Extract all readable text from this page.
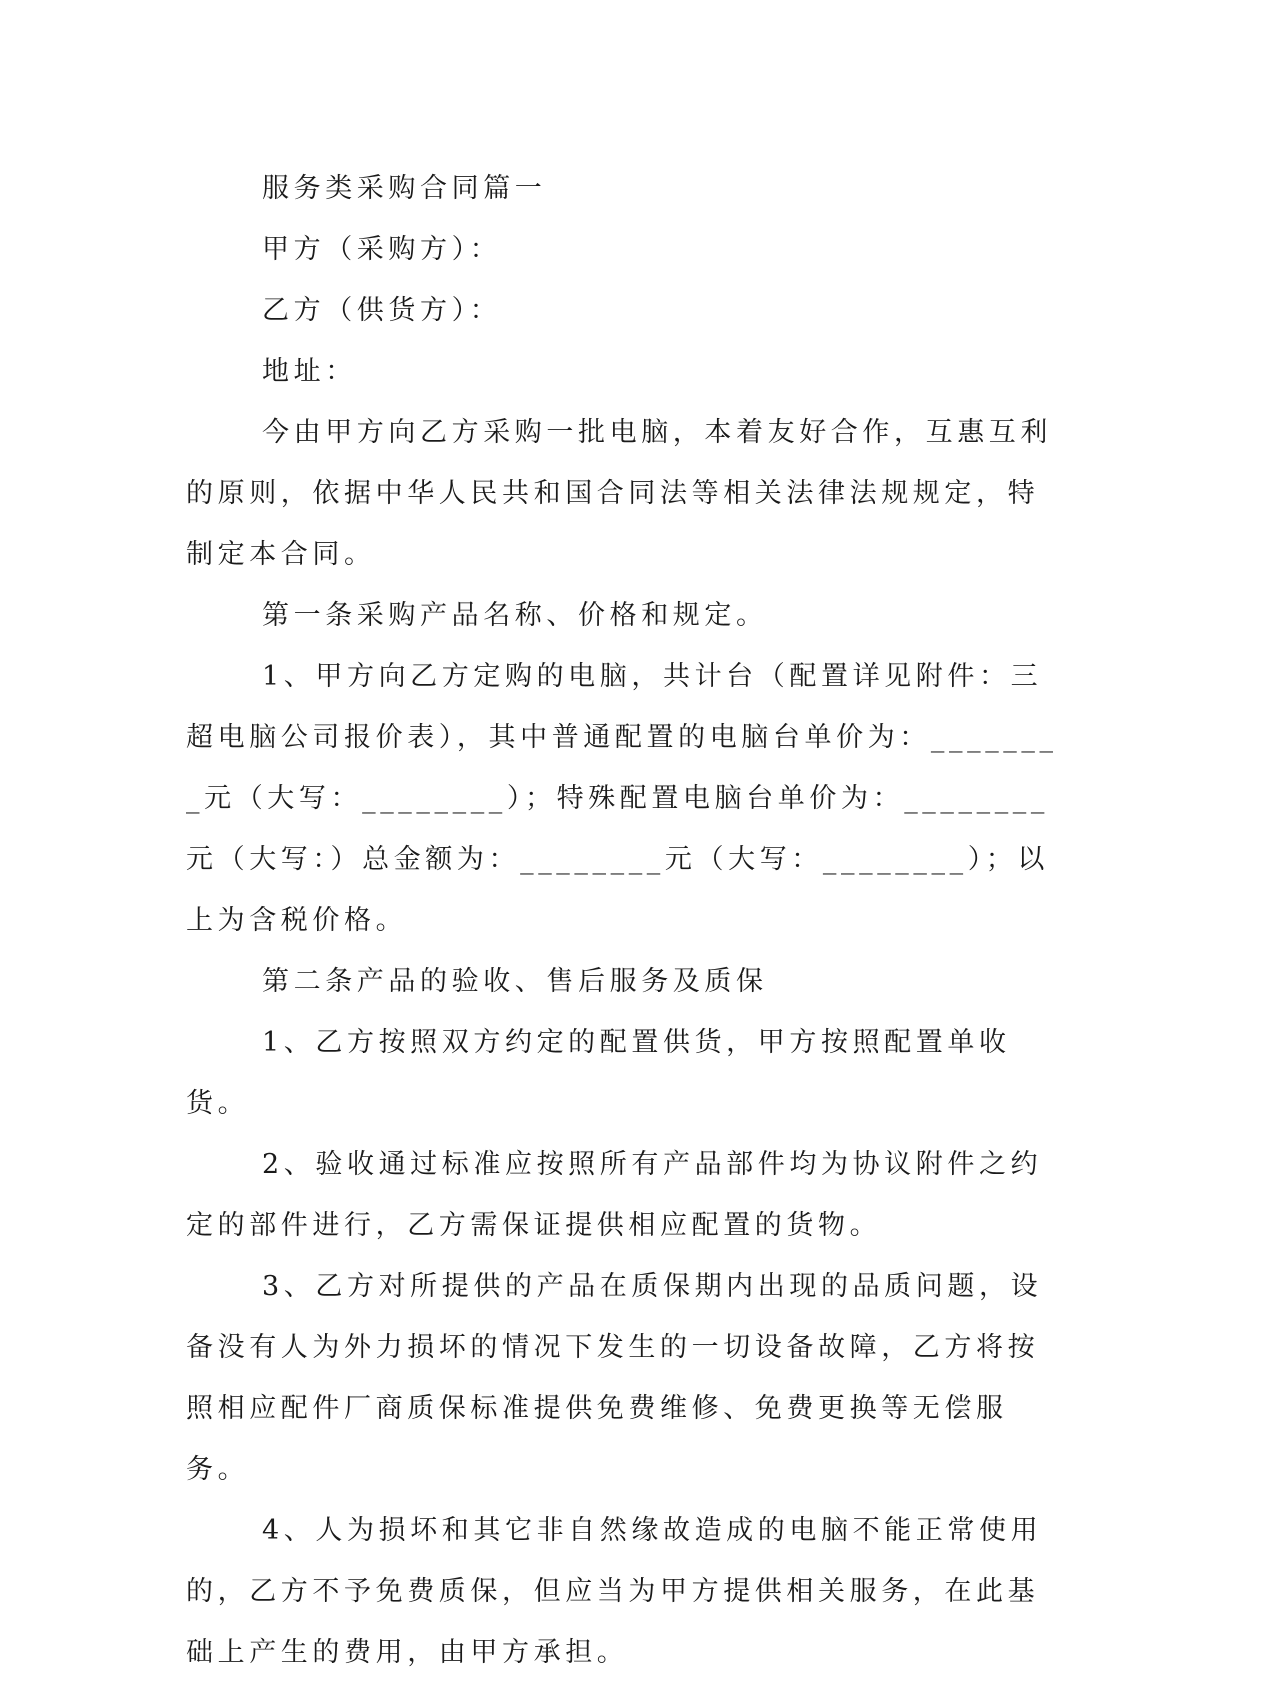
服务类采购合同篇一

甲方（采购方）：

乙方（供货方）：

地址：

今由甲方向乙方采购一批电脑，本着友好合作，互惠互利的原则，依据中华人民共和国合同法等相关法律法规规定，特制定本合同。

第一条采购产品名称、价格和规定。

1、甲方向乙方定购的电脑，共计台（配置详见附件：三超电脑公司报价表），其中普通配置的电脑台单价为：________元（大写：________）；特殊配置电脑台单价为：________元（大写：）总金额为：________元（大写：________）；以上为含税价格。

第二条产品的验收、售后服务及质保

1、乙方按照双方约定的配置供货，甲方按照配置单收货。

2、验收通过标准应按照所有产品部件均为协议附件之约定的部件进行，乙方需保证提供相应配置的货物。

3、乙方对所提供的产品在质保期内出现的品质问题，设备没有人为外力损坏的情况下发生的一切设备故障，乙方将按照相应配件厂商质保标准提供免费维修、免费更换等无偿服务。

4、人为损坏和其它非自然缘故造成的电脑不能正常使用的，乙方不予免费质保，但应当为甲方提供相关服务，在此基础上产生的费用，由甲方承担。
